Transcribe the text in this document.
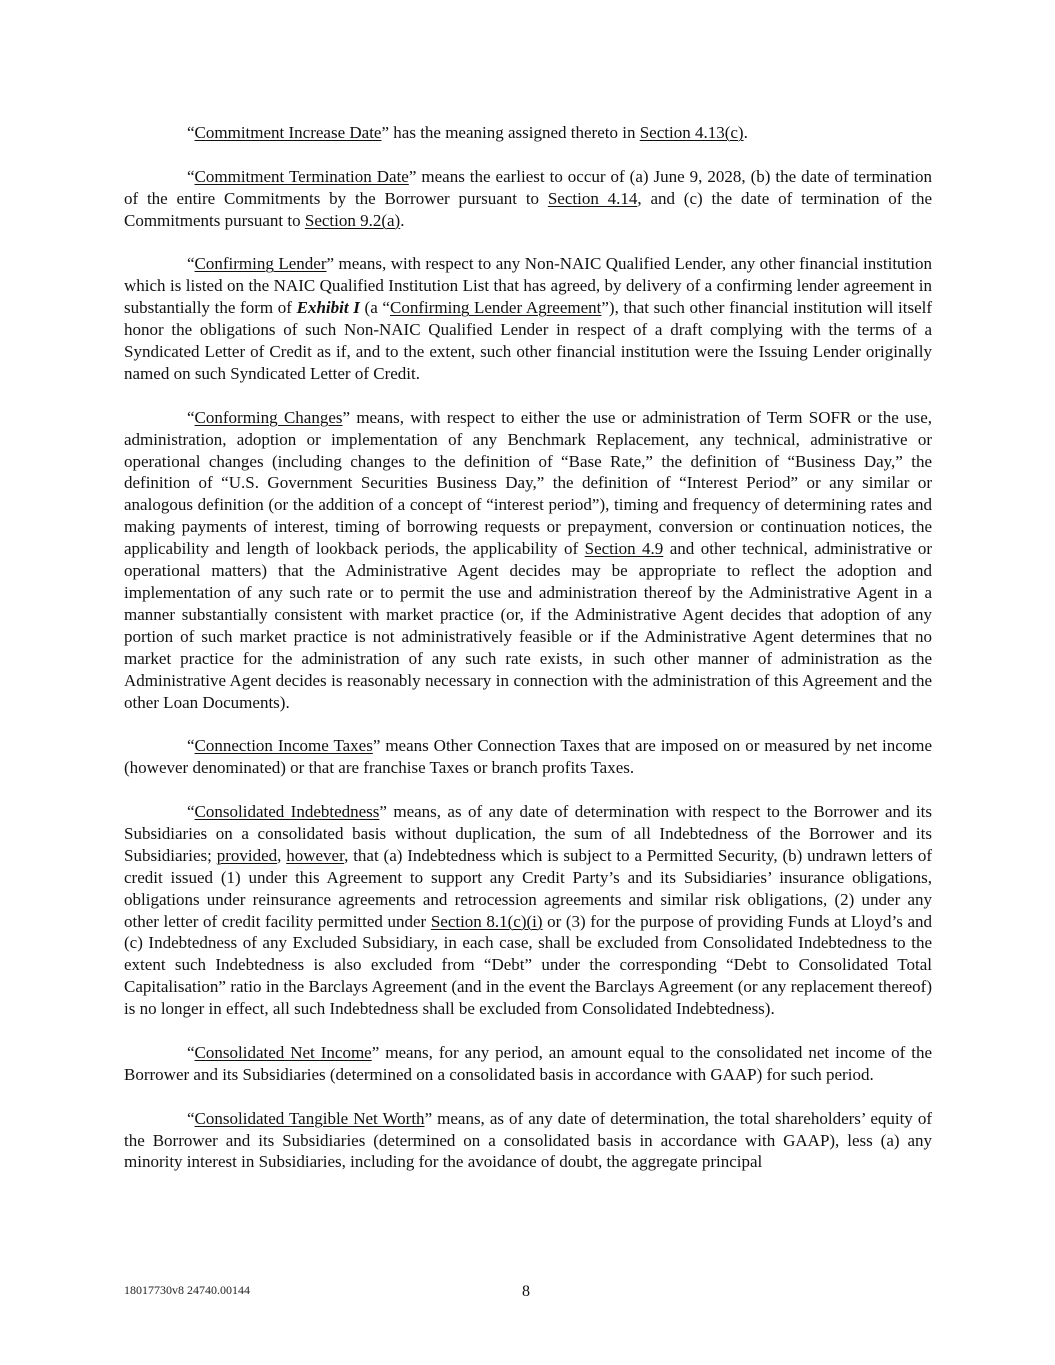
“Commitment Increase Date” has the meaning assigned thereto in Section 4.13(c).

“Commitment Termination Date” means the earliest to occur of (a) June 9, 2028, (b) the date of termination of the entire Commitments by the Borrower pursuant to Section 4.14, and (c) the date of termination of the Commitments pursuant to Section 9.2(a).

“Confirming Lender” means, with respect to any Non-NAIC Qualified Lender, any other financial institution which is listed on the NAIC Qualified Institution List that has agreed, by delivery of a confirming lender agreement in substantially the form of Exhibit I (a “Confirming Lender Agreement”), that such other financial institution will itself honor the obligations of such Non-NAIC Qualified Lender in respect of a draft complying with the terms of a Syndicated Letter of Credit as if, and to the extent, such other financial institution were the Issuing Lender originally named on such Syndicated Letter of Credit.

“Conforming Changes” means, with respect to either the use or administration of Term SOFR or the use, administration, adoption or implementation of any Benchmark Replacement, any technical, administrative or operational changes (including changes to the definition of “Base Rate,” the definition of “Business Day,” the definition of “U.S. Government Securities Business Day,” the definition of “Interest Period” or any similar or analogous definition (or the addition of a concept of “interest period”), timing and frequency of determining rates and making payments of interest, timing of borrowing requests or prepayment, conversion or continuation notices, the applicability and length of lookback periods, the applicability of Section 4.9 and other technical, administrative or operational matters) that the Administrative Agent decides may be appropriate to reflect the adoption and implementation of any such rate or to permit the use and administration thereof by the Administrative Agent in a manner substantially consistent with market practice (or, if the Administrative Agent decides that adoption of any portion of such market practice is not administratively feasible or if the Administrative Agent determines that no market practice for the administration of any such rate exists, in such other manner of administration as the Administrative Agent decides is reasonably necessary in connection with the administration of this Agreement and the other Loan Documents).

“Connection Income Taxes” means Other Connection Taxes that are imposed on or measured by net income (however denominated) or that are franchise Taxes or branch profits Taxes.

“Consolidated Indebtedness” means, as of any date of determination with respect to the Borrower and its Subsidiaries on a consolidated basis without duplication, the sum of all Indebtedness of the Borrower and its Subsidiaries; provided, however, that (a) Indebtedness which is subject to a Permitted Security, (b) undrawn letters of credit issued (1) under this Agreement to support any Credit Party’s and its Subsidiaries’ insurance obligations, obligations under reinsurance agreements and retrocession agreements and similar risk obligations, (2) under any other letter of credit facility permitted under Section 8.1(c)(i) or (3) for the purpose of providing Funds at Lloyd’s and (c) Indebtedness of any Excluded Subsidiary, in each case, shall be excluded from Consolidated Indebtedness to the extent such Indebtedness is also excluded from “Debt” under the corresponding “Debt to Consolidated Total Capitalisation” ratio in the Barclays Agreement (and in the event the Barclays Agreement (or any replacement thereof) is no longer in effect, all such Indebtedness shall be excluded from Consolidated Indebtedness).

“Consolidated Net Income” means, for any period, an amount equal to the consolidated net income of the Borrower and its Subsidiaries (determined on a consolidated basis in accordance with GAAP) for such period.

“Consolidated Tangible Net Worth” means, as of any date of determination, the total shareholders’ equity of the Borrower and its Subsidiaries (determined on a consolidated basis in accordance with GAAP), less (a) any minority interest in Subsidiaries, including for the avoidance of doubt, the aggregate principal

18017730v8 24740.00144	8
